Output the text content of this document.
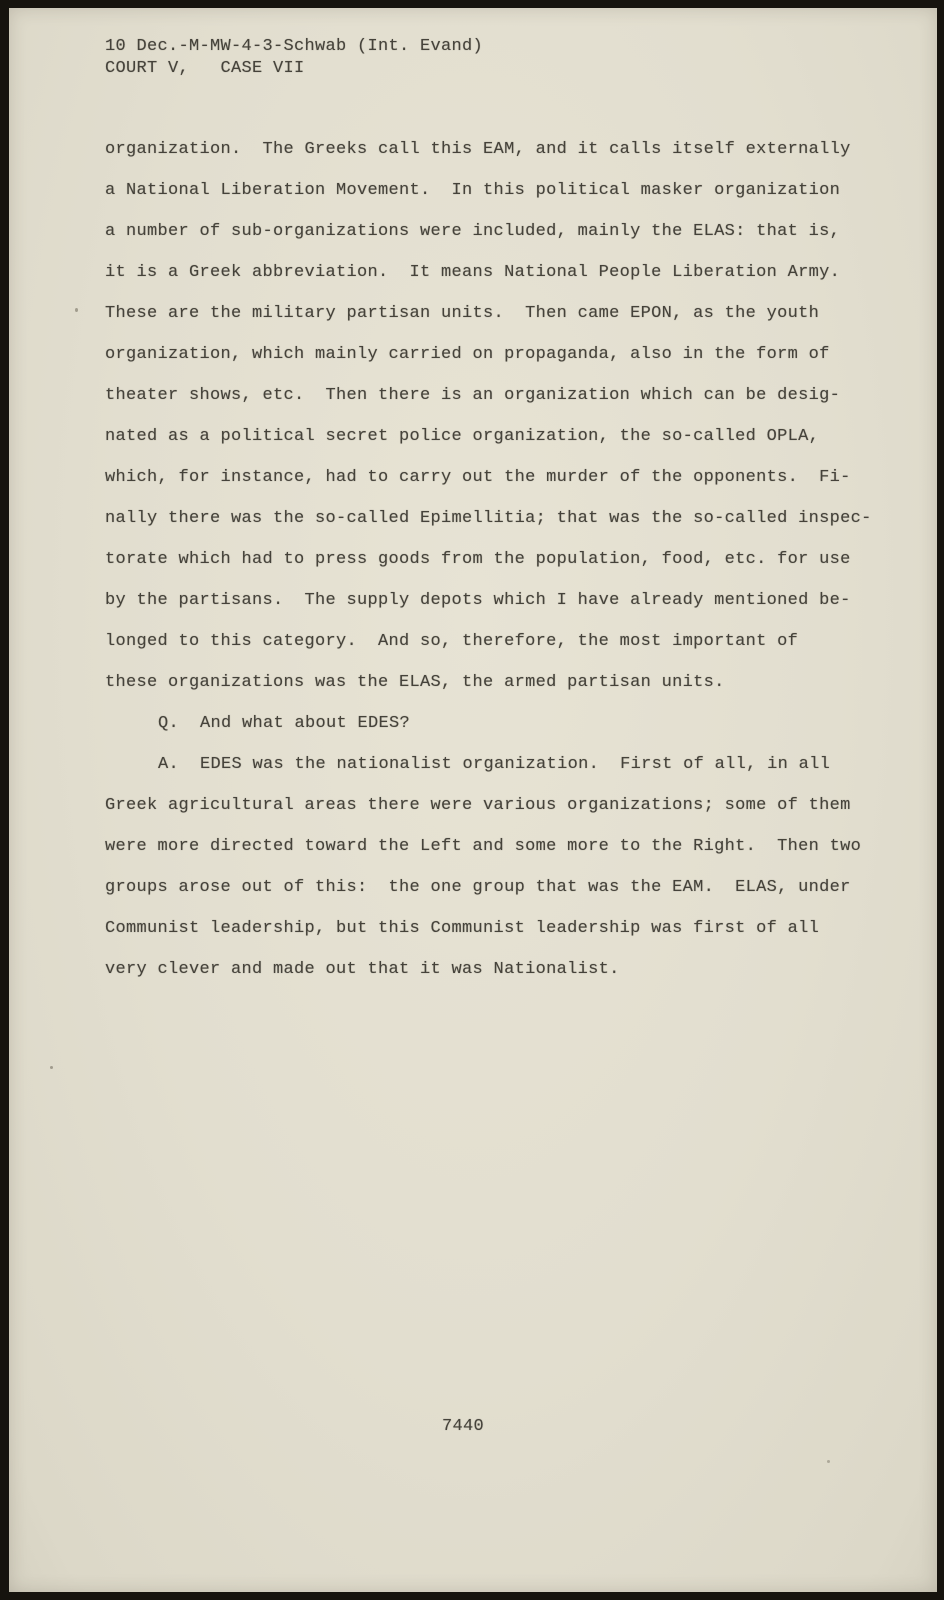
10 Dec.-M-MW-4-3-Schwab (Int. Evand)
COURT V,   CASE VII
organization.  The Greeks call this EAM, and it calls itself externally
a National Liberation Movement.  In this political masker organization
a number of sub-organizations were included, mainly the ELAS: that is,
it is a Greek abbreviation.  It means National People Liberation Army.
These are the military partisan units.  Then came EPON, as the youth
organization, which mainly carried on propaganda, also in the form of
theater shows, etc.  Then there is an organization which can be desig-
nated as a political secret police organization, the so-called OPLA,
which, for instance, had to carry out the murder of the opponents.  Fi-
nally there was the so-called Epimellitia; that was the so-called inspec-
torate which had to press goods from the population, food, etc. for use
by the partisans.  The supply depots which I have already mentioned be-
longed to this category.  And so, therefore, the most important of
these organizations was the ELAS, the armed partisan units.
Q.  And what about EDES?
A.  EDES was the nationalist organization.  First of all, in all
Greek agricultural areas there were various organizations; some of them
were more directed toward the Left and some more to the Right.  Then two
groups arose out of this:  the one group that was the EAM.  ELAS, under
Communist leadership, but this Communist leadership was first of all
very clever and made out that it was Nationalist.
7440
